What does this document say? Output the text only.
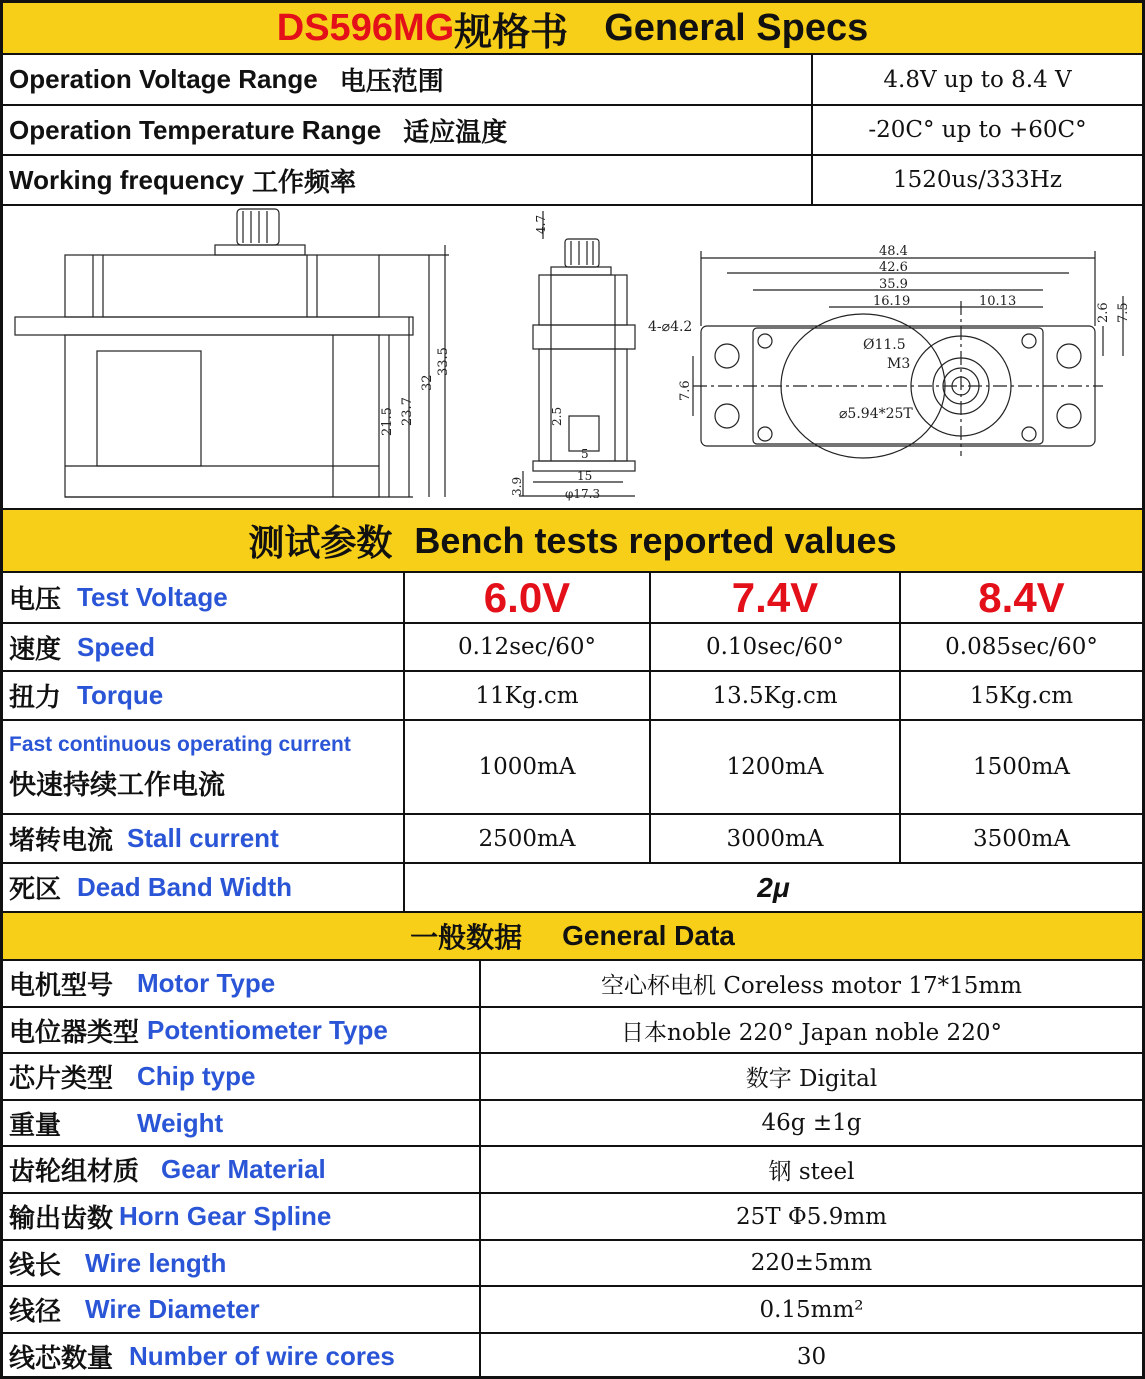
DS596MG 规格书 General Specs
Operation Voltage Range 电压范围	4.8V up to 8.4 V
Operation Temperature Range 适应温度	-20C° up to +60C°
Working frequency 工作频率	1520us/333Hz
21.5 23.7
32
33.5
4.7
2.5
5
3.9
15
φ17.3
48.4
42.6
35.9
16.19	10.13
2.6 7.5
7.6
4-⌀4.2
Ø11.5
M3
⌀5.94*25T
测试参数 Bench tests reported values
电压 Test Voltage	6.0V	7.4V	8.4V
速度 Speed	0.12sec/60°	0.10sec/60°	0.085sec/60°
扭力 Torque	11Kg.cm	13.5Kg.cm	15Kg.cm
Fast continuous operating current
快速持续工作电流
1000mA	1200mA	1500mA
堵转电流 Stall current	2500mA	3000mA	3500mA
死区 Dead Band Width	2μ
一般数据 General Data
电机型号 Motor Type	空心杯电机 Coreless motor 17*15mm
电位器类型 Potentiometer Type	日本noble 220° Japan noble 220°
芯片类型 Chip type	数字 Digital
重量	Weight	46g ±1g
齿轮组材质 Gear Material	钢 steel
输出齿数 Horn Gear Spline	25T Φ5.9mm
线长 Wire length	220±5mm
线径 Wire Diameter	0.15mm²
线芯数量 Number of wire cores	30
